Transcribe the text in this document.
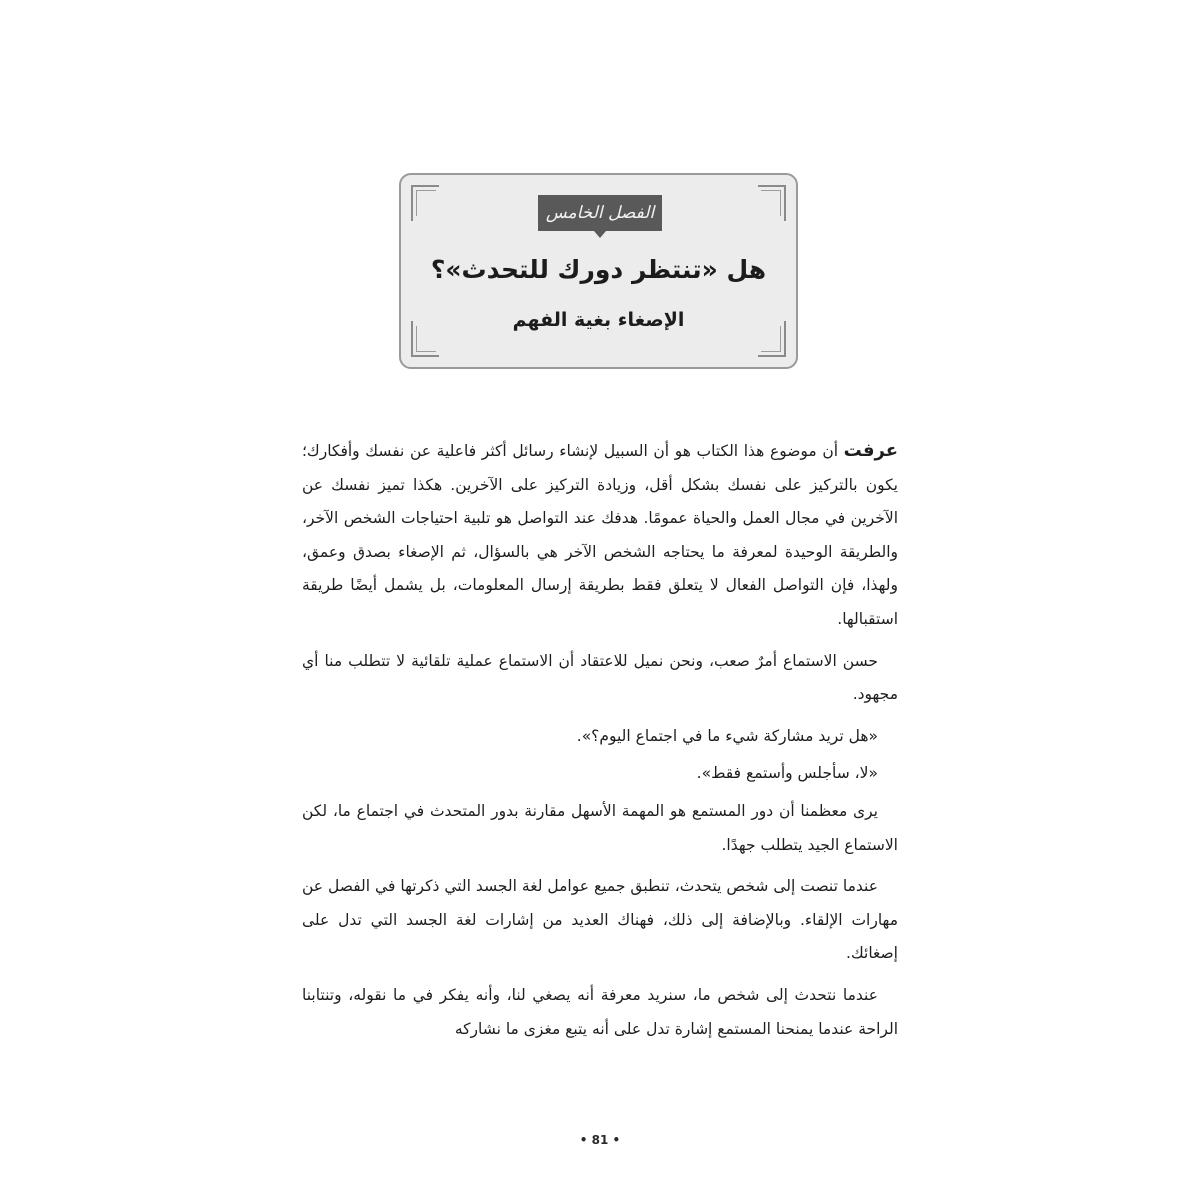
الفصل الخامس
هل «تنتظر دورك للتحدث»؟
الإصغاء بغية الفهم

عرفت أن موضوع هذا الكتاب هو أن السبيل لإنشاء رسائل أكثر فاعلية عن نفسك وأفكارك؛ يكون بالتركيز على نفسك بشكل أقل، وزيادة التركيز على الآخرين. هكذا تميز نفسك عن الآخرين في مجال العمل والحياة عمومًا. هدفك عند التواصل هو تلبية احتياجات الشخص الآخر، والطريقة الوحيدة لمعرفة ما يحتاجه الشخص الآخر هي بالسؤال، ثم الإصغاء بصدق وعمق، ولهذا، فإن التواصل الفعال لا يتعلق فقط بطريقة إرسال المعلومات، بل يشمل أيضًا طريقة استقبالها.

حسن الاستماع أمرٌ صعب، ونحن نميل للاعتقاد أن الاستماع عملية تلقائية لا تتطلب منا أي مجهود.

«هل تريد مشاركة شيء ما في اجتماع اليوم؟».

«لا، سأجلس وأستمع فقط».

يرى معظمنا أن دور المستمع هو المهمة الأسهل مقارنة بدور المتحدث في اجتماع ما، لكن الاستماع الجيد يتطلب جهدًا.

عندما تنصت إلى شخص يتحدث، تنطبق جميع عوامل لغة الجسد التي ذكرتها في الفصل عن مهارات الإلقاء. وبالإضافة إلى ذلك، فهناك العديد من إشارات لغة الجسد التي تدل على إصغائك.

عندما نتحدث إلى شخص ما، سنريد معرفة أنه يصغي لنا، وأنه يفكر في ما نقوله، وتنتابنا الراحة عندما يمنحنا المستمع إشارة تدل على أنه يتبع مغزى ما نشاركه

• 81 •
